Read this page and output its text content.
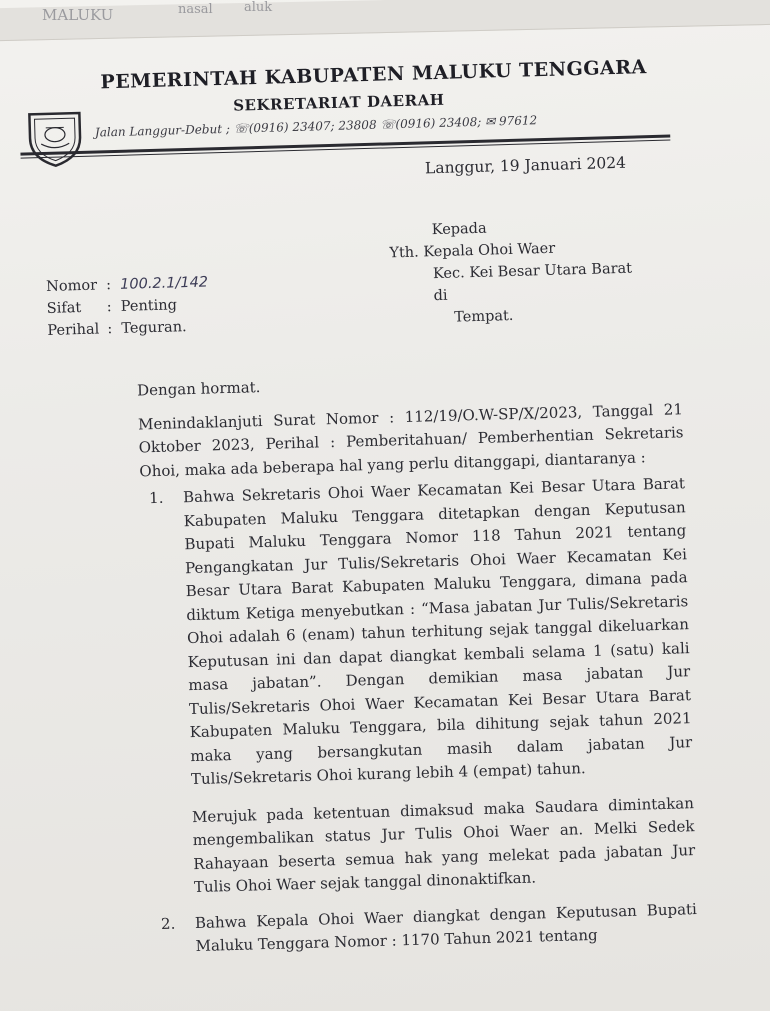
MALUKU	nasal aluk
PEMERINTAH KABUPATEN MALUKU TENGGARA
SEKRETARIAT DAERAH
Jalan Langgur-Debut ; ☏(0916) 23407; 23808 ☏(0916) 23408; ✉ 97612
Langgur, 19 Januari 2024
Kepada
Yth. Kepala Ohoi Waer
Kec. Kei Besar Utara Barat
di
Tempat.
Nomor : 100.2.1/142
Sifat : Penting
Perihal : Teguran.

Dengan hormat.

Menindaklanjuti Surat Nomor : 112/19/O.W-SP/X/2023, Tanggal 21 Oktober 2023, Perihal : Pemberitahuan/ Pemberhentian Sekretaris Ohoi, maka ada beberapa hal yang perlu ditanggapi, diantaranya :

1. Bahwa Sekretaris Ohoi Waer Kecamatan Kei Besar Utara Barat Kabupaten Maluku Tenggara ditetapkan dengan Keputusan Bupati Maluku Tenggara Nomor 118 Tahun 2021 tentang Pengangkatan Jur Tulis/Sekretaris Ohoi Waer Kecamatan Kei Besar Utara Barat Kabupaten Maluku Tenggara, dimana pada diktum Ketiga menyebutkan : “Masa jabatan Jur Tulis/Sekretaris Ohoi adalah 6 (enam) tahun terhitung sejak tanggal dikeluarkan Keputusan ini dan dapat diangkat kembali selama 1 (satu) kali masa jabatan”. Dengan demikian masa jabatan Jur Tulis/Sekretaris Ohoi Waer Kecamatan Kei Besar Utara Barat Kabupaten Maluku Tenggara, bila dihitung sejak tahun 2021 maka yang bersangkutan masih dalam jabatan Jur Tulis/Sekretaris Ohoi kurang lebih 4 (empat) tahun.

Merujuk pada ketentuan dimaksud maka Saudara dimintakan mengembalikan status Jur Tulis Ohoi Waer an. Melki Sedek Rahayaan beserta semua hak yang melekat pada jabatan Jur Tulis Ohoi Waer sejak tanggal dinonaktifkan.

2. Bahwa Kepala Ohoi Waer diangkat dengan Keputusan Bupati Maluku Tenggara Nomor : 1170 Tahun 2021 tentang
